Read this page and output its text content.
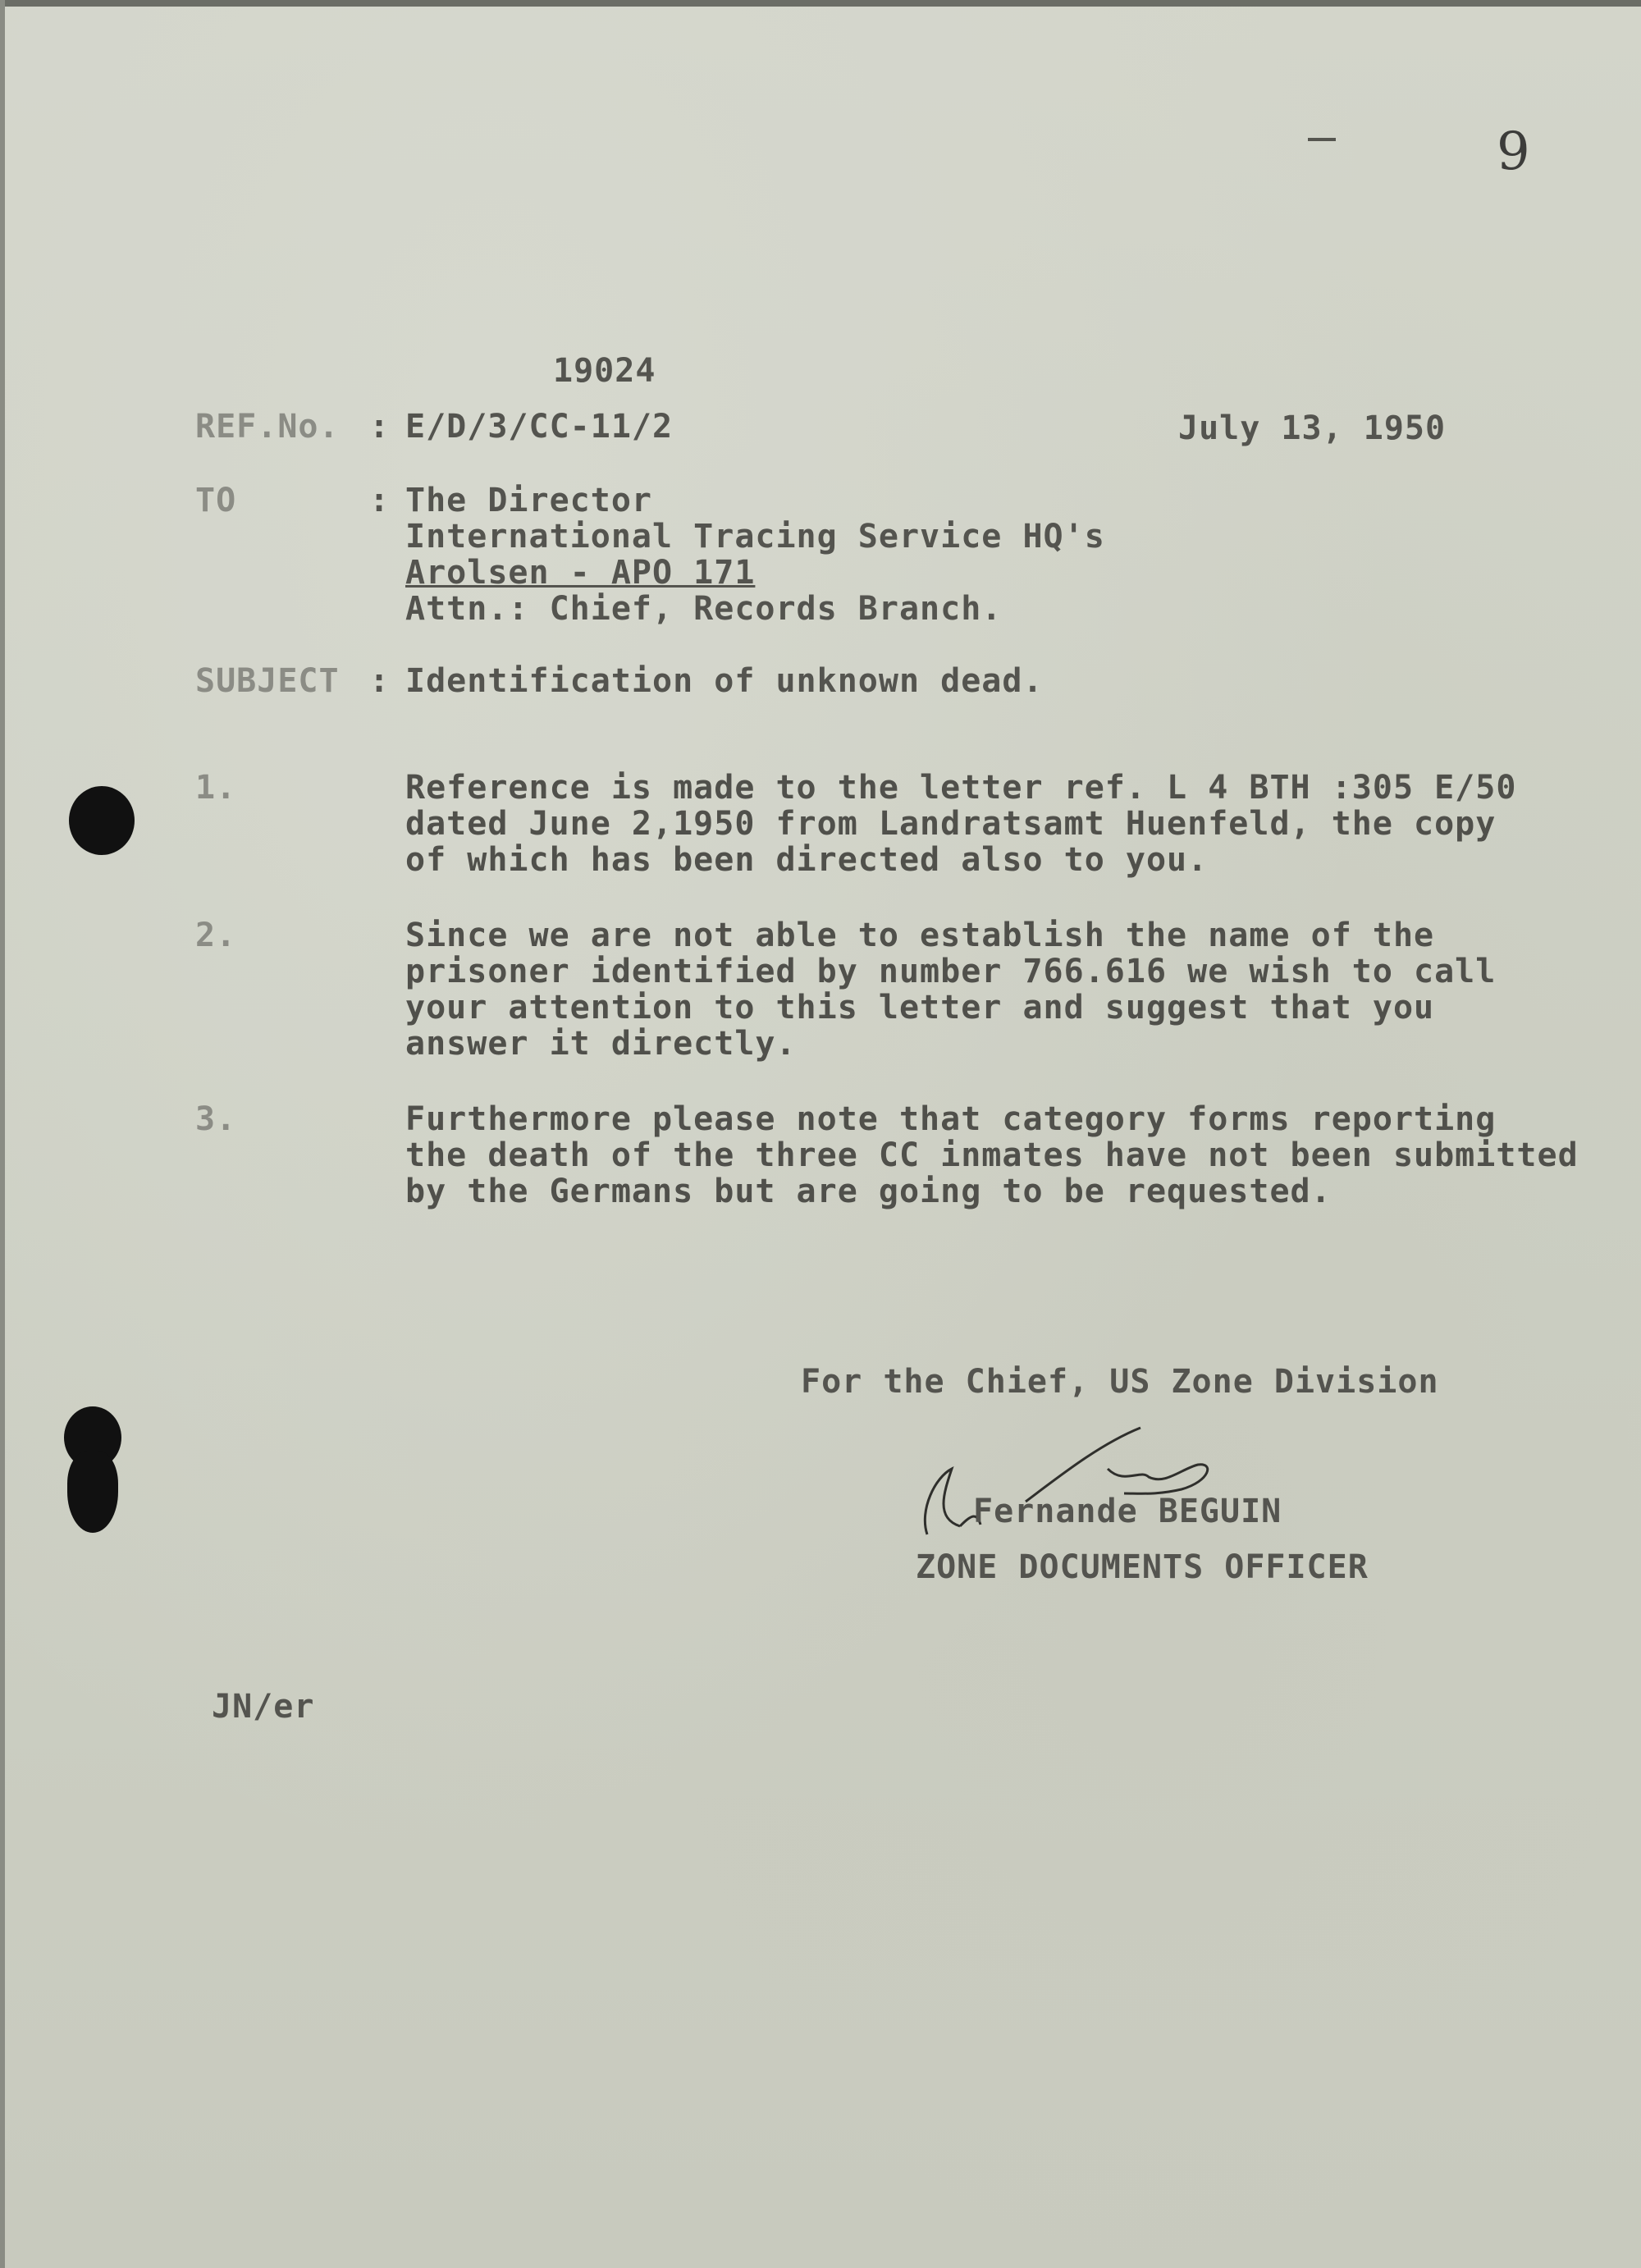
9
19024
REF.No. : E/D/3/CC-11/2	July 13, 1950
TO	: The Director
International Tracing Service HQ's
Arolsen - APO 171
Attn.: Chief, Records Branch.
SUBJECT : Identification of unknown dead.
1.	Reference is made to the letter ref. L 4 BTH :305 E/50
dated June 2,1950 from Landratsamt Huenfeld, the copy
of which has been directed also to you.
2.	Since we are not able to establish the name of the
prisoner identified by number 766.616 we wish to call
your attention to this letter and suggest that you
answer it directly.
3.	Furthermore please note that category forms reporting
the death of the three CC inmates have not been submitted
by the Germans but are going to be requested.
For the Chief, US Zone Division
Fernande BEGUIN
ZONE DOCUMENTS OFFICER
JN/er
